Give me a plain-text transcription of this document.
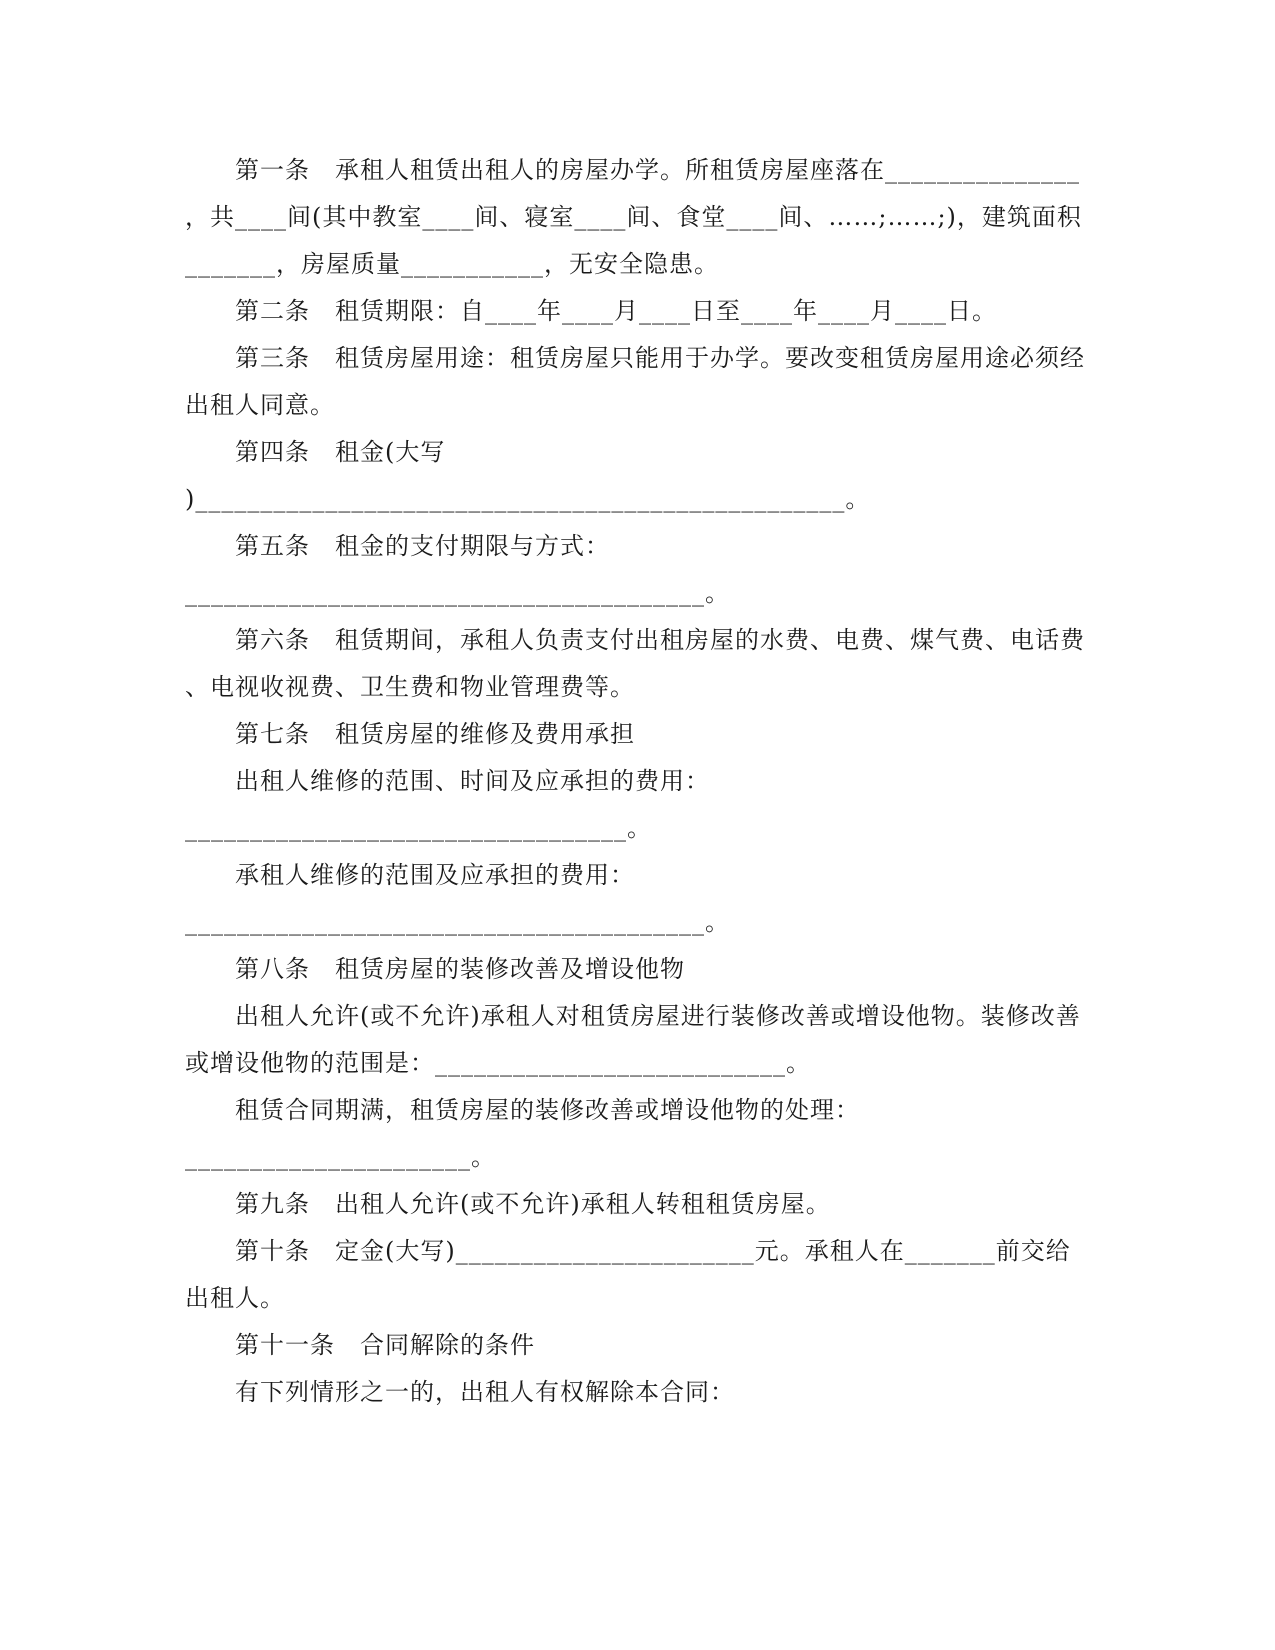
第一条　承租人租赁出租人的房屋办学。所租赁房屋座落在_______________
，共____间(其中教室____间、寝室____间、食堂____间、……;……;)，建筑面积
_______，房屋质量___________，无安全隐患。
第二条　租赁期限：自____年____月____日至____年____月____日。
第三条　租赁房屋用途：租赁房屋只能用于办学。要改变租赁房屋用途必须经
出租人同意。
第四条　租金(大写
)__________________________________________________。
第五条　租金的支付期限与方式：
________________________________________。
第六条　租赁期间，承租人负责支付出租房屋的水费、电费、煤气费、电话费
、电视收视费、卫生费和物业管理费等。
第七条　租赁房屋的维修及费用承担
出租人维修的范围、时间及应承担的费用：
__________________________________。
承租人维修的范围及应承担的费用：
________________________________________。
第八条　租赁房屋的装修改善及增设他物
出租人允许(或不允许)承租人对租赁房屋进行装修改善或增设他物。装修改善
或增设他物的范围是：___________________________。
租赁合同期满，租赁房屋的装修改善或增设他物的处理：
______________________。
第九条　出租人允许(或不允许)承租人转租租赁房屋。
第十条　定金(大写)_______________________元。承租人在_______前交给
出租人。
第十一条　合同解除的条件
有下列情形之一的，出租人有权解除本合同：
